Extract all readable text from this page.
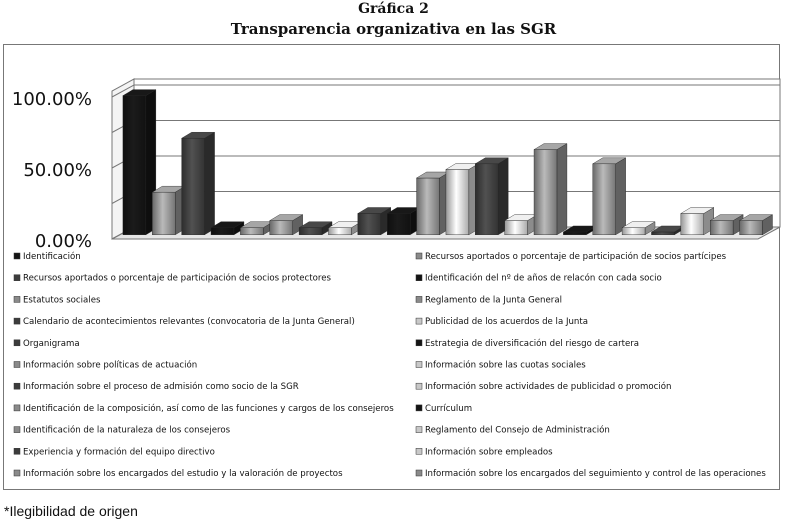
Gráfica 2
Transparencia organizativa en las SGR
0.00%
50.00%
100.00%
Identificación	Recursos aportados o porcentaje de participación de socios partícipes
Recursos aportados o porcentaje de participación de socios protectores	Identificación del nº de años de relacón con cada socio
Estatutos sociales	Reglamento de la Junta General
Calendario de acontecimientos relevantes (convocatoria de la Junta General)	Publicidad de los acuerdos de la Junta
Organigrama	Estrategia de diversificación del riesgo de cartera
Información sobre políticas de actuación	Información sobre las cuotas sociales
Información sobre el proceso de admisión como socio de la SGR	Información sobre actividades de publicidad o promoción
Identificación de la composición, así como de las funciones y cargos de los consejeros	Currículum
Identificación de la naturaleza de los consejeros	Reglamento del Consejo de Administración
Experiencia y formación del equipo directivo	Información sobre empleados
Información sobre los encargados del estudio y la valoración de proyectos	Información sobre los encargados del seguimiento y control de las operaciones
*Ilegibilidad de origen
